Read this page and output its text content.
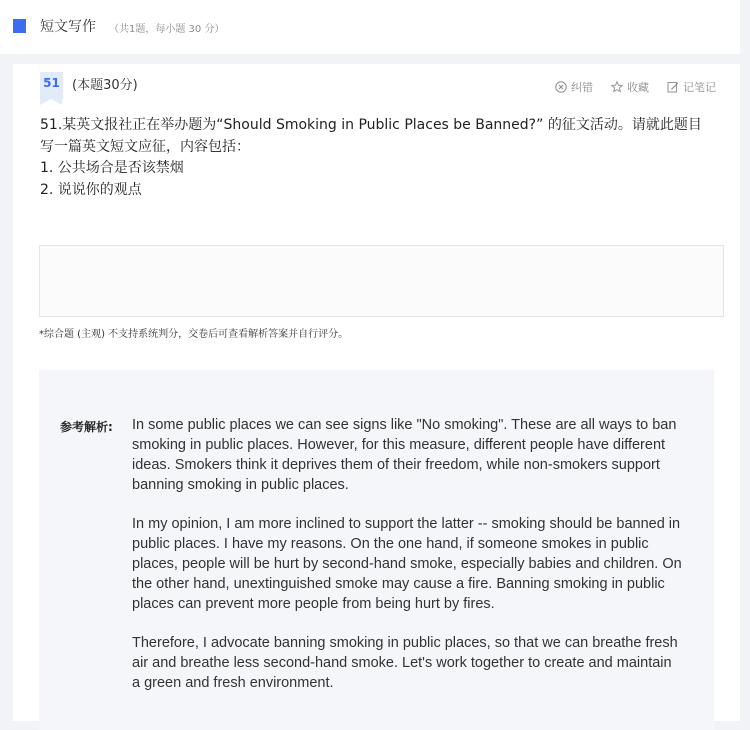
短文写作 （共1题，每小题 30 分）
51 (本题30分)	纠错	收藏	记笔记

51.某英文报社正在举办题为“Should Smoking in Public Places be Banned?” 的征文活动。请就此题目

写一篇英文短文应征，内容包括：

1. 公共场合是否该禁烟

2. 说说你的观点

*综合题 (主观) 不支持系统判分，交卷后可查看解析答案并自行评分。
参考解析: In some public places we can see signs like "No smoking". These are all ways to ban smoking in public places. However, for this measure, different people have different ideas. Smokers think it deprives them of their freedom, while non-smokers support banning smoking in public places.

In my opinion, I am more inclined to support the latter -- smoking should be banned in public places. I have my reasons. On the one hand, if someone smokes in public places, people will be hurt by second-hand smoke, especially babies and children. On the other hand, unextinguished smoke may cause a fire. Banning smoking in public places can prevent more people from being hurt by fires.

Therefore, I advocate banning smoking in public places, so that we can breathe fresh air and breathe less second-hand smoke. Let's work together to create and maintain a green and fresh environment.
